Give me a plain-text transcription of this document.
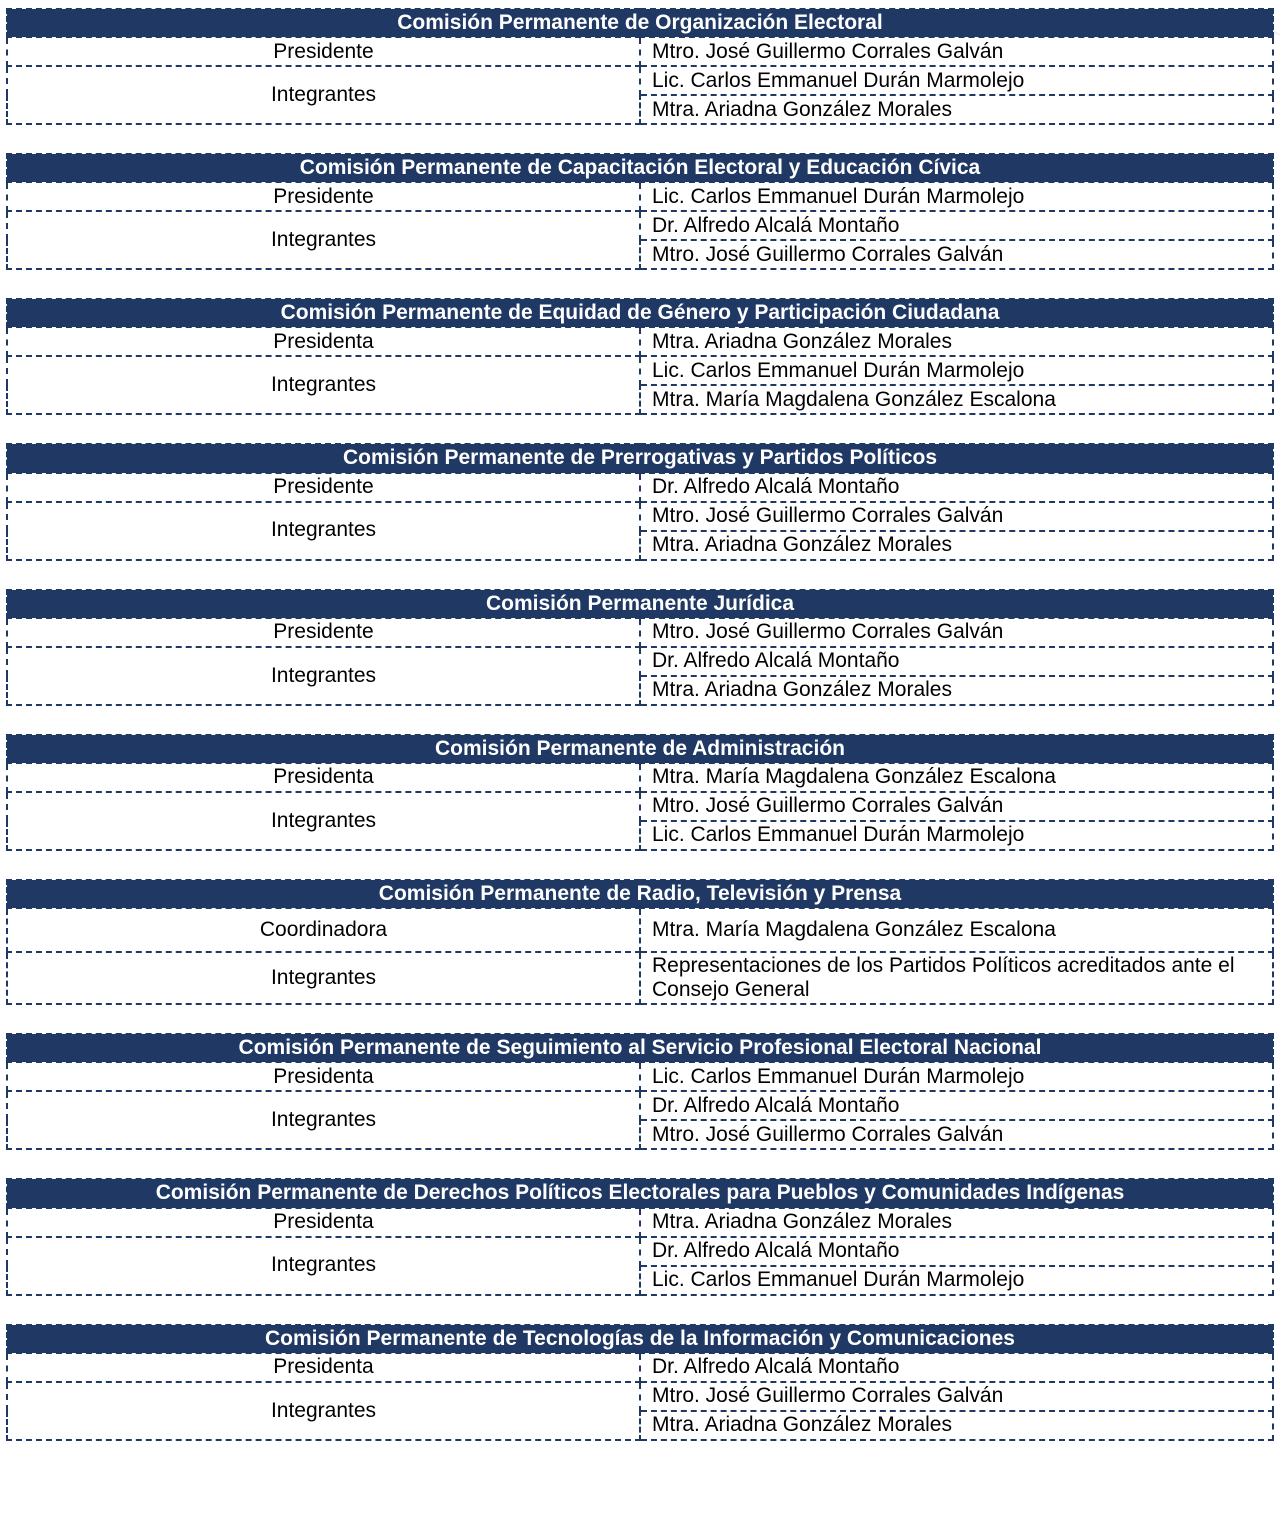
Comisión Permanente de Organización Electoral	
Presidente	Mtro. José Guillermo Corrales Galván
Integrantes	Lic. Carlos Emmanuel Durán Marmolejo
	Mtra. Ariadna González Morales
Comisión Permanente de Capacitación Electoral y Educación Cívica	
Presidente	Lic. Carlos Emmanuel Durán Marmolejo
Integrantes	Dr. Alfredo Alcalá Montaño
	Mtro. José Guillermo Corrales Galván
Comisión Permanente de Equidad de Género y Participación Ciudadana	
Presidenta	Mtra. Ariadna González Morales
Integrantes	Lic. Carlos Emmanuel Durán Marmolejo
	Mtra. María Magdalena González Escalona
Comisión Permanente de Prerrogativas y Partidos Políticos	
Presidente	Dr. Alfredo Alcalá Montaño
Integrantes	Mtro. José Guillermo Corrales Galván
	Mtra. Ariadna González Morales
Comisión Permanente Jurídica	
Presidente	Mtro. José Guillermo Corrales Galván
Integrantes	Dr. Alfredo Alcalá Montaño
	Mtra. Ariadna González Morales
Comisión Permanente de Administración	
Presidenta	Mtra. María Magdalena González Escalona
Integrantes	Mtro. José Guillermo Corrales Galván
	Lic. Carlos Emmanuel Durán Marmolejo
Comisión Permanente de Radio, Televisión y Prensa	
Coordinadora	Mtra. María Magdalena González Escalona
Integrantes	Representaciones de los Partidos Políticos acreditados ante el Consejo General
Comisión Permanente de Seguimiento al Servicio Profesional Electoral Nacional	
Presidenta	Lic. Carlos Emmanuel Durán Marmolejo
Integrantes	Dr. Alfredo Alcalá Montaño
	Mtro. José Guillermo Corrales Galván
Comisión Permanente de Derechos Políticos Electorales para Pueblos y Comunidades Indígenas	
Presidenta	Mtra. Ariadna González Morales
Integrantes	Dr. Alfredo Alcalá Montaño
	Lic. Carlos Emmanuel Durán Marmolejo
Comisión Permanente de Tecnologías de la Información y Comunicaciones	
Presidenta	Dr. Alfredo Alcalá Montaño
Integrantes	Mtro. José Guillermo Corrales Galván
	Mtra. Ariadna González Morales
